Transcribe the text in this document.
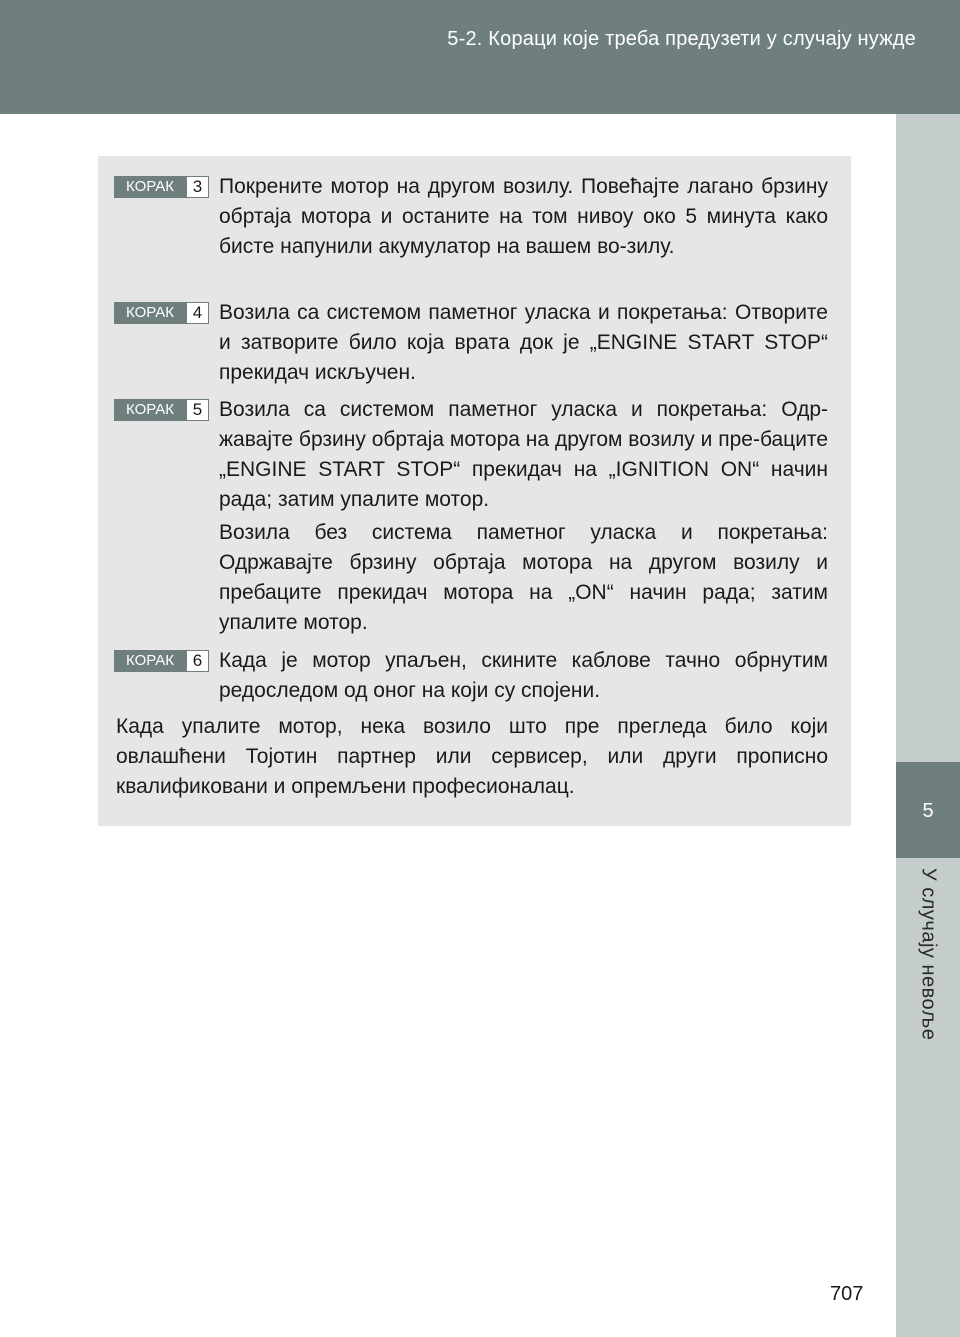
5-2. Кораци које треба предузети у случају нужде
5
У случају невоље
КОРАК	3 Покрените мотор на другом возилу. Повећајте лагано брзину обртаја мотора и останите на том нивоу око 5 минута како бисте напунили акумулатор на вашем во-зилу.
КОРАК	4 Возила са системом паметног уласка и покретања: Отворите и затворите било која врата док је „ENGINE START STOP“ прекидач искључен.
КОРАК	5 Возила са системом паметног уласка и покретања: Одр-жавајте брзину обртаја мотора на другом возилу и пре-баците „ENGINE START STOP“ прекидач на „IGNITION ON“ начин рада; затим упалите мотор.
Возила без система паметног уласка и покретања: Одржавајте брзину обртаја мотора на другом возилу и пребаците прекидач мотора на „ON“ начин рада; затим упалите мотор.
КОРАК	6 Када је мотор упаљен, скините каблове тачно обрнутим редоследом од оног на који су спојени.
Када упалите мотор, нека возило што пре прегледа било који овлашћени Тојотин партнер или сервисер, или други прописно квалификовани и опремљени професионалац.
707
